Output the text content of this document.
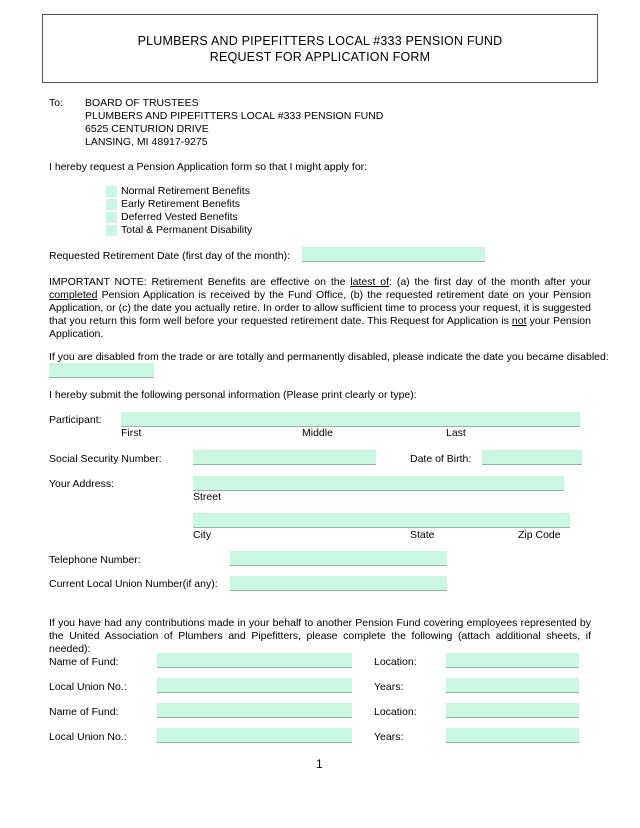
PLUMBERS AND PIPEFITTERS LOCAL #333 PENSION FUND
REQUEST FOR APPLICATION FORM
To: BOARD OF TRUSTEES
PLUMBERS AND PIPEFITTERS LOCAL #333 PENSION FUND
6525 CENTURION DRIVE
LANSING, MI 48917-9275
I hereby request a Pension Application form so that I might apply for:
Normal Retirement Benefits
Early Retirement Benefits
Deferred Vested Benefits
Total & Permanent Disability
Requested Retirement Date (first day of the month):
IMPORTANT NOTE: Retirement Benefits are effective on the latest of: (a) the first day of the month after your completed Pension Application is received by the Fund Office, (b) the requested retirement date on your Pension Application, or (c) the date you actually retire. In order to allow sufficient time to process your request, it is suggested that you return this form well before your requested retirement date. This Request for Application is not your Pension Application.
If you are disabled from the trade or are totally and permanently disabled, please indicate the date you became disabled:
I hereby submit the following personal information (Please print clearly or type):
Participant:
First	Middle	Last
Social Security Number:	Date of Birth:
Your Address:
Street
City	State	Zip Code
Telephone Number:
Current Local Union Number(if any):
If you have had any contributions made in your behalf to another Pension Fund covering employees represented by the United Association of Plumbers and Pipefitters, please complete the following (attach additional sheets, if needed):
Name of Fund:	Location:
Local Union No.:	Years:
Name of Fund:	Location:
Local Union No.:	Years:
1
